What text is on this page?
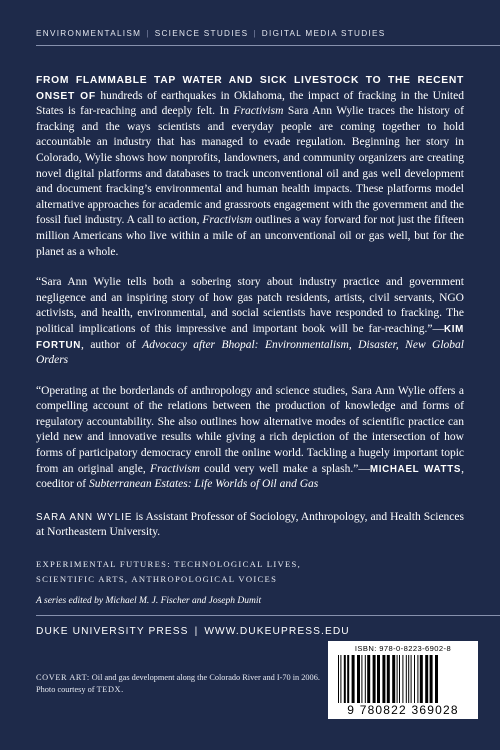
ENVIRONMENTALISM | SCIENCE STUDIES | DIGITAL MEDIA STUDIES

FROM FLAMMABLE TAP WATER AND SICK LIVESTOCK TO THE RECENT ONSET OF hundreds of earthquakes in Oklahoma, the impact of fracking in the United States is far-reaching and deeply felt. In Fractivism Sara Ann Wylie traces the history of fracking and the ways scientists and everyday people are coming together to hold accountable an industry that has managed to evade regulation. Beginning her story in Colorado, Wylie shows how nonprofits, landowners, and community organizers are creating novel digital platforms and databases to track unconventional oil and gas well development and document fracking’s environmental and human health impacts. These platforms model alternative approaches for academic and grassroots engagement with the government and the fossil fuel industry. A call to action, Fractivism outlines a way forward for not just the fifteen million Americans who live within a mile of an unconventional oil or gas well, but for the planet as a whole.

“Sara Ann Wylie tells both a sobering story about industry practice and government negligence and an inspiring story of how gas patch residents, artists, civil servants, NGO activists, and health, environmental, and social scientists have responded to fracking. The political implications of this impressive and important book will be far-reaching.”—KIM FORTUN, author of Advocacy after Bhopal: Environmentalism, Disaster, New Global Orders

“Operating at the borderlands of anthropology and science studies, Sara Ann Wylie offers a compelling account of the relations between the production of knowledge and forms of regulatory accountability. She also outlines how alternative modes of scientific practice can yield new and innovative results while giving a rich depiction of the intersection of how forms of participatory democracy enroll the online world. Tackling a hugely important topic from an original angle, Fractivism could very well make a splash.”—MICHAEL WATTS, coeditor of Subterranean Estates: Life Worlds of Oil and Gas

SARA ANN WYLIE is Assistant Professor of Sociology, Anthropology, and Health Sciences at Northeastern University.

EXPERIMENTAL FUTURES: TECHNOLOGICAL LIVES,
SCIENTIFIC ARTS, ANTHROPOLOGICAL VOICES
A series edited by Michael M. J. Fischer and Joseph Dumit
DUKE UNIVERSITY PRESS | WWW.DUKEUPRESS.EDU
COVER ART: Oil and gas development along the Colorado River and I-70 in 2006. Photo courtesy of TEDX.
ISBN: 978-0-8223-6902-8
9 780822 369028
